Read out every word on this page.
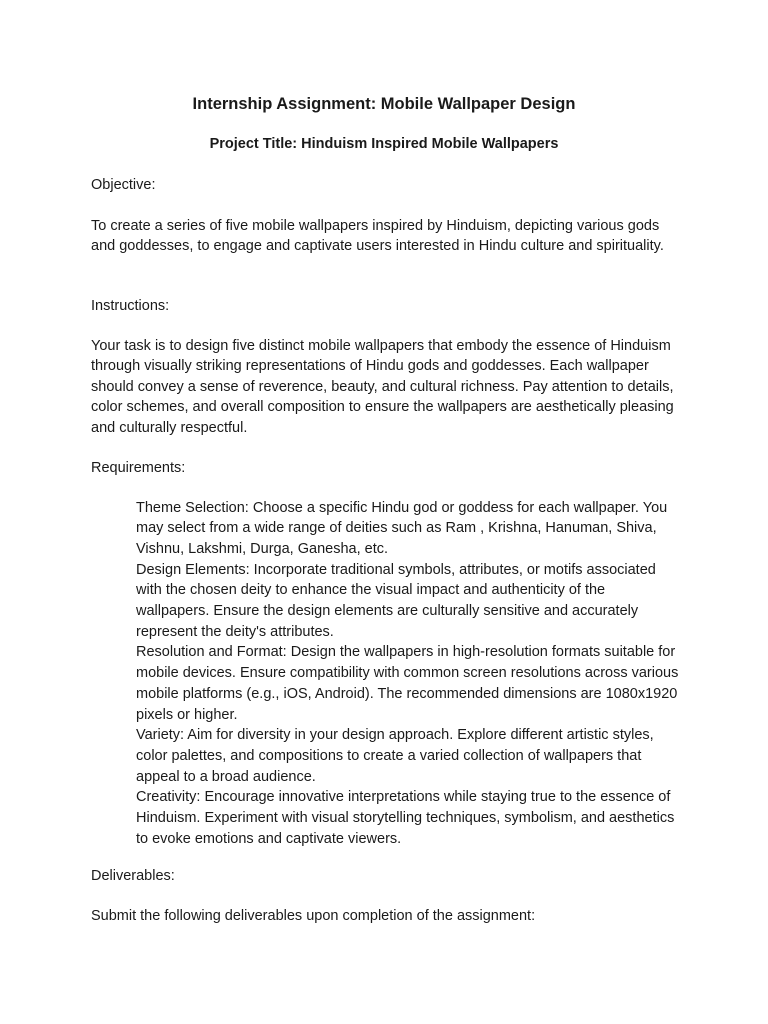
Internship Assignment: Mobile Wallpaper Design
Project Title: Hinduism Inspired Mobile Wallpapers

Objective:

To create a series of five mobile wallpapers inspired by Hinduism, depicting various gods and goddesses, to engage and captivate users interested in Hindu culture and spirituality.

Instructions:

Your task is to design five distinct mobile wallpapers that embody the essence of Hinduism through visually striking representations of Hindu gods and goddesses. Each wallpaper should convey a sense of reverence, beauty, and cultural richness. Pay attention to details, color schemes, and overall composition to ensure the wallpapers are aesthetically pleasing and culturally respectful.

Requirements:

Theme Selection: Choose a specific Hindu god or goddess for each wallpaper. You may select from a wide range of deities such as Ram , Krishna, Hanuman, Shiva, Vishnu, Lakshmi, Durga, Ganesha, etc.
Design Elements: Incorporate traditional symbols, attributes, or motifs associated with the chosen deity to enhance the visual impact and authenticity of the wallpapers. Ensure the design elements are culturally sensitive and accurately represent the deity's attributes.
Resolution and Format: Design the wallpapers in high-resolution formats suitable for mobile devices. Ensure compatibility with common screen resolutions across various mobile platforms (e.g., iOS, Android). The recommended dimensions are 1080x1920 pixels or higher.
Variety: Aim for diversity in your design approach. Explore different artistic styles, color palettes, and compositions to create a varied collection of wallpapers that appeal to a broad audience.
Creativity: Encourage innovative interpretations while staying true to the essence of Hinduism. Experiment with visual storytelling techniques, symbolism, and aesthetics to evoke emotions and captivate viewers.

Deliverables:

Submit the following deliverables upon completion of the assignment:
